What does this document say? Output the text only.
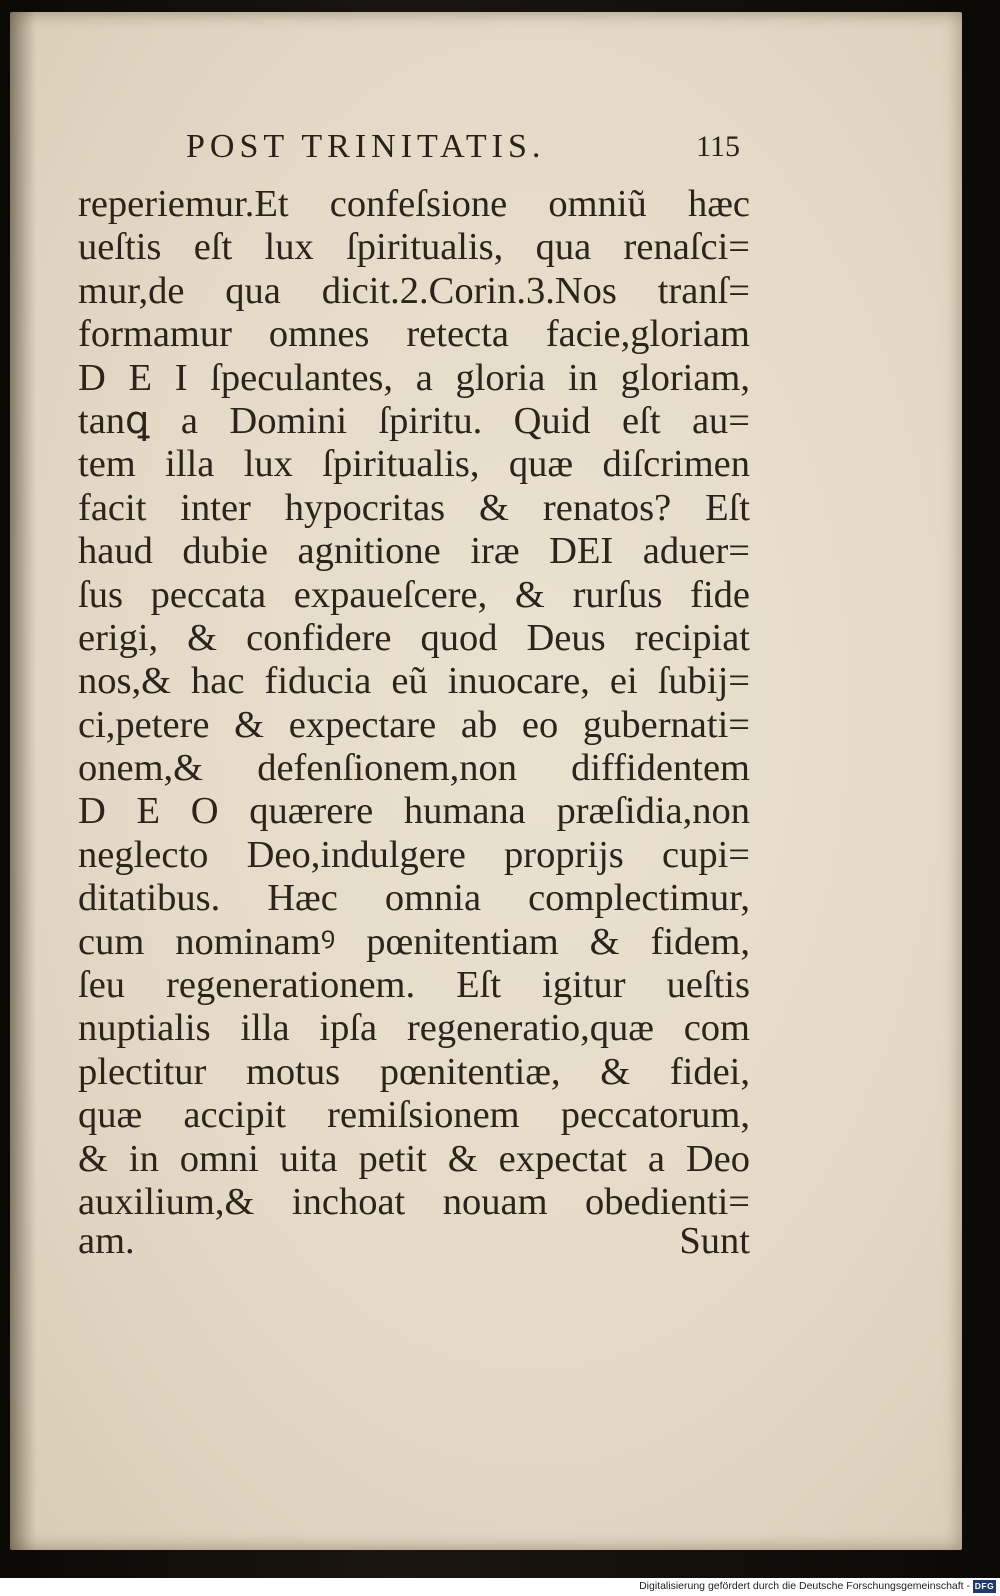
POST TRINITATIS.	115
reperiemur.Et confeſsione omniũ hæc
ueſtis eſt lux ſpiritualis, qua renaſci=
mur,de qua dicit.2.Corin.3.Nos tranſ=
formamur omnes retecta facie,gloriam
D E I ſpeculantes, a gloria in gloriam,
tanꝗ a Domini ſpiritu. Quid eſt au=
tem illa lux ſpiritualis, quæ diſcrimen
facit inter hypocritas & renatos? Eſt
haud dubie agnitione iræ DEI aduer=
ſus peccata expaueſcere, & rurſus fide
erigi, & confidere quod Deus recipiat
nos,& hac fiducia eũ inuocare, ei ſubij=
ci,petere & expectare ab eo gubernati=
onem,& defenſionem,non diffidentem
D E O quærere humana præſidia,non
neglecto Deo,indulgere proprijs cupi=
ditatibus. Hæc omnia complectimur,
cum nominamꝰ pœnitentiam & fidem,
ſeu regenerationem. Eſt igitur ueſtis
nuptialis illa ipſa regeneratio,quæ com
plectitur motus pœnitentiæ, & fidei,
quæ accipit remiſsionem peccatorum,
& in omni uita petit & expectat a Deo
auxilium,& inchoat nouam obedienti=
am.	Sunt
Digitalisierung gefördert durch die Deutsche Forschungsgemeinschaft - DFG
